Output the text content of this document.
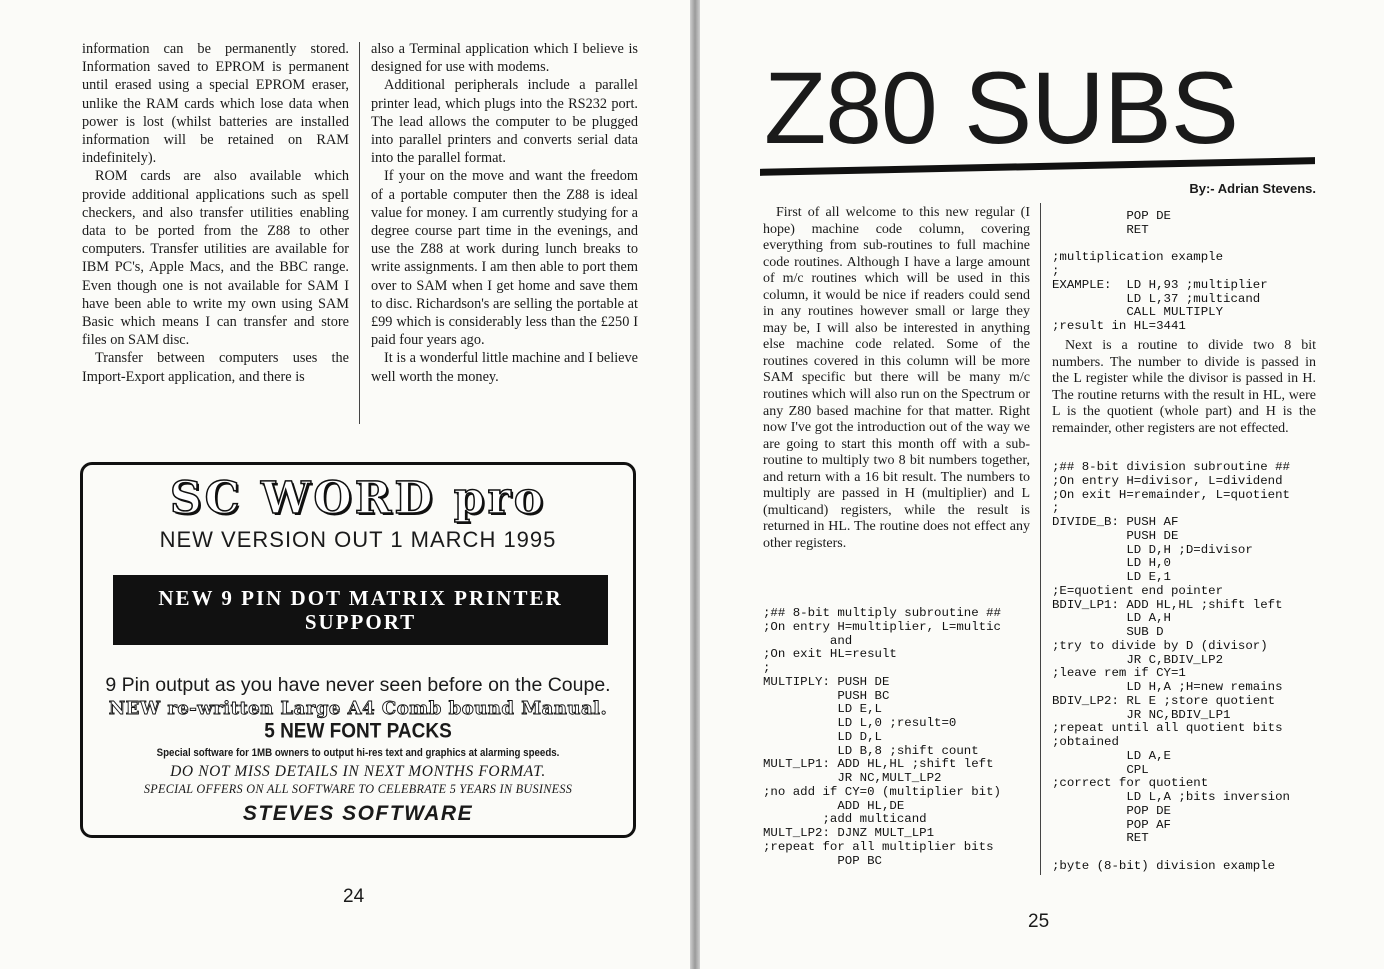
information can be permanently stored. Information saved to EPROM is permanent until erased using a special EPROM eraser, unlike the RAM cards which lose data when power is lost (whilst batteries are installed information will be retained on RAM indefinitely).

ROM cards are also available which provide additional applications such as spell checkers, and also transfer utilities enabling data to be ported from the Z88 to other computers. Transfer utilities are available for IBM PC's, Apple Macs, and the BBC range. Even though one is not available for SAM I have been able to write my own using SAM Basic which means I can transfer and store files on SAM disc.

Transfer between computers uses the Import-Export application, and there is

also a Terminal application which I believe is designed for use with modems.

Additional peripherals include a parallel printer lead, which plugs into the RS232 port. The lead allows the computer to be plugged into parallel printers and converts serial data into the parallel format.

If your on the move and want the freedom of a portable computer then the Z88 is ideal value for money. I am currently studying for a degree course part time in the evenings, and use the Z88 at work during lunch breaks to write assignments. I am then able to port them over to SAM when I get home and save them to disc. Richardson's are selling the portable at £99 which is considerably less than the £250 I paid four years ago.

It is a wonderful little machine and I believe well worth the money.

SC WORD pro
NEW VERSION OUT 1 MARCH 1995
NEW 9 PIN DOT MATRIX PRINTER SUPPORT
9 Pin output as you have never seen before on the Coupe.
NEW re-written Large A4 Comb bound Manual.
5 NEW FONT PACKS
Special software for 1MB owners to output hi-res text and graphics at alarming speeds.
DO NOT MISS DETAILS IN NEXT MONTHS FORMAT.
SPECIAL OFFERS ON ALL SOFTWARE TO CELEBRATE 5 YEARS IN BUSINESS
STEVES SOFTWARE
24
Z80 SUBS
By:- Adrian Stevens.

First of all welcome to this new regular (I hope) machine code column, covering everything from sub-routines to full machine code routines. Although I have a large amount of m/c routines which will be used in this column, it would be nice if readers could send in any routines however small or large they may be, I will also be interested in anything else machine code related. Some of the routines covered in this column will be more SAM specific but there will be many m/c routines which will also run on the Spectrum or any Z80 based machine for that matter. Right now I've got the introduction out of the way we are going to start this month off with a sub-routine to multiply two 8 bit numbers together, and return with a 16 bit result. The numbers to multiply are passed in H (multiplier) and L (multicand) registers, while the result is returned in HL. The routine does not effect any other registers.

;## 8-bit multiply subroutine ##
;On entry H=multiplier, L=multic
and
;On exit HL=result
;
MULTIPLY: PUSH DE
PUSH BC
LD E,L
LD L,0 ;result=0
LD D,L
LD B,8 ;shift count
MULT_LP1: ADD HL,HL ;shift left
JR NC,MULT_LP2
;no add if CY=0 (multiplier bit)
ADD HL,DE
;add multicand
MULT_LP2: DJNZ MULT_LP1
;repeat for all multiplier bits
POP BC
POP DE
RET

;multiplication example
;
EXAMPLE:  LD H,93 ;multiplier
LD L,37 ;multicand
CALL MULTIPLY
;result in HL=3441

Next is a routine to divide two 8 bit numbers. The number to divide is passed in the L register while the divisor is passed in H. The routine returns with the result in HL, were L is the quotient (whole part) and H is the remainder, other registers are not effected.

;## 8-bit division subroutine ##
;On entry H=divisor, L=dividend
;On exit H=remainder, L=quotient
;
DIVIDE_B: PUSH AF
PUSH DE
LD D,H ;D=divisor
LD H,0
LD E,1
;E=quotient end pointer
BDIV_LP1: ADD HL,HL ;shift left
LD A,H
SUB D
;try to divide by D (divisor)
JR C,BDIV_LP2
;leave rem if CY=1
LD H,A ;H=new remains
BDIV_LP2: RL E ;store quotient
JR NC,BDIV_LP1
;repeat until all quotient bits
;obtained
LD A,E
CPL
;correct for quotient
LD L,A ;bits inversion
POP DE
POP AF
RET

;byte (8-bit) division example
25
